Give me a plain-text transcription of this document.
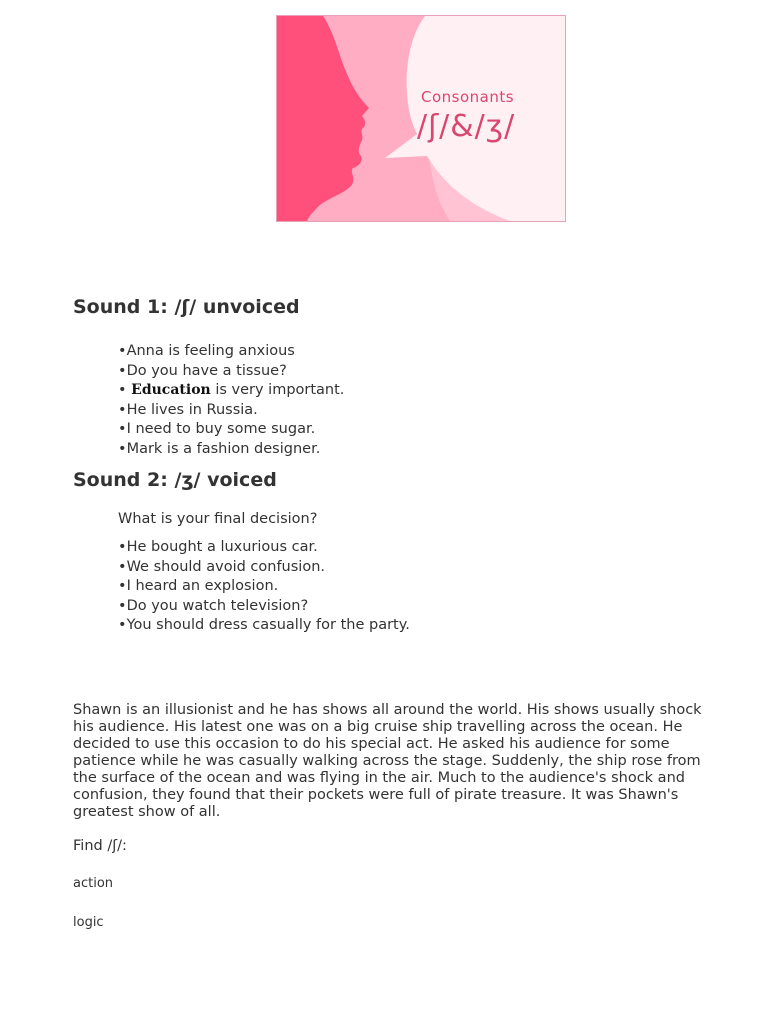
Consonants
/ʃ/&/ʒ/
Sound 1: /ʃ/ unvoiced
•Anna is feeling anxious
•Do you have a tissue?
• Education is very important.
•He lives in Russia.
•I need to buy some sugar.
•Mark is a fashion designer.
Sound 2: /ʒ/ voiced
What is your final decision?
•He bought a luxurious car.
•We should avoid confusion.
•I heard an explosion.
•Do you watch television?
•You should dress casually for the party.

Shawn is an illusionist and he has shows all around the world. His shows usually shock his audience. His latest one was on a big cruise ship travelling across the ocean. He decided to use this occasion to do his special act. He asked his audience for some patience while he was casually walking across the stage. Suddenly, the ship rose from the surface of the ocean and was flying in the air. Much to the audience's shock and confusion, they found that their pockets were full of pirate treasure. It was Shawn's greatest show of all.

Find /ʃ/:
action
logic
